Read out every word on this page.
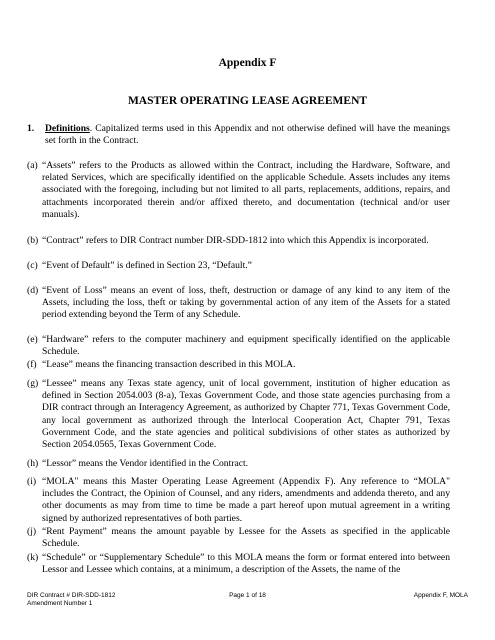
Appendix F
MASTER OPERATING LEASE AGREEMENT
1. Definitions. Capitalized terms used in this Appendix and not otherwise defined will have the meanings set forth in the Contract.
(a) “Assets” refers to the Products as allowed within the Contract, including the Hardware, Software, and related Services, which are specifically identified on the applicable Schedule. Assets includes any items associated with the foregoing, including but not limited to all parts, replacements, additions, repairs, and attachments incorporated therein and/or affixed thereto, and documentation (technical and/or user manuals).
(b) “Contract” refers to DIR Contract number DIR-SDD-1812 into which this Appendix is incorporated.
(c) “Event of Default” is defined in Section 23, “Default.”
(d) “Event of Loss” means an event of loss, theft, destruction or damage of any kind to any item of the Assets, including the loss, theft or taking by governmental action of any item of the Assets for a stated period extending beyond the Term of any Schedule.
(e) “Hardware” refers to the computer machinery and equipment specifically identified on the applicable Schedule.
(f) “Lease” means the financing transaction described in this MOLA.
(g) “Lessee” means any Texas state agency, unit of local government, institution of higher education as defined in Section 2054.003 (8-a), Texas Government Code, and those state agencies purchasing from a DIR contract through an Interagency Agreement, as authorized by Chapter 771, Texas Government Code, any local government as authorized through the Interlocal Cooperation Act, Chapter 791, Texas Government Code, and the state agencies and political subdivisions of other states as authorized by Section 2054.0565, Texas Government Code.
(h) “Lessor” means the Vendor identified in the Contract.
(i) “MOLA" means this Master Operating Lease Agreement (Appendix F). Any reference to “MOLA" includes the Contract, the Opinion of Counsel, and any riders, amendments and addenda thereto, and any other documents as may from time to time be made a part hereof upon mutual agreement in a writing signed by authorized representatives of both parties.
(j) “Rent Payment” means the amount payable by Lessee for the Assets as specified in the applicable Schedule.
(k) “Schedule” or “Supplementary Schedule” to this MOLA means the form or format entered into between Lessor and Lessee which contains, at a minimum, a description of the Assets, the name of the
DIR Contract # DIR-SDD-1812
Amendment Number 1
Page 1 of 18	Appendix F, MOLA
